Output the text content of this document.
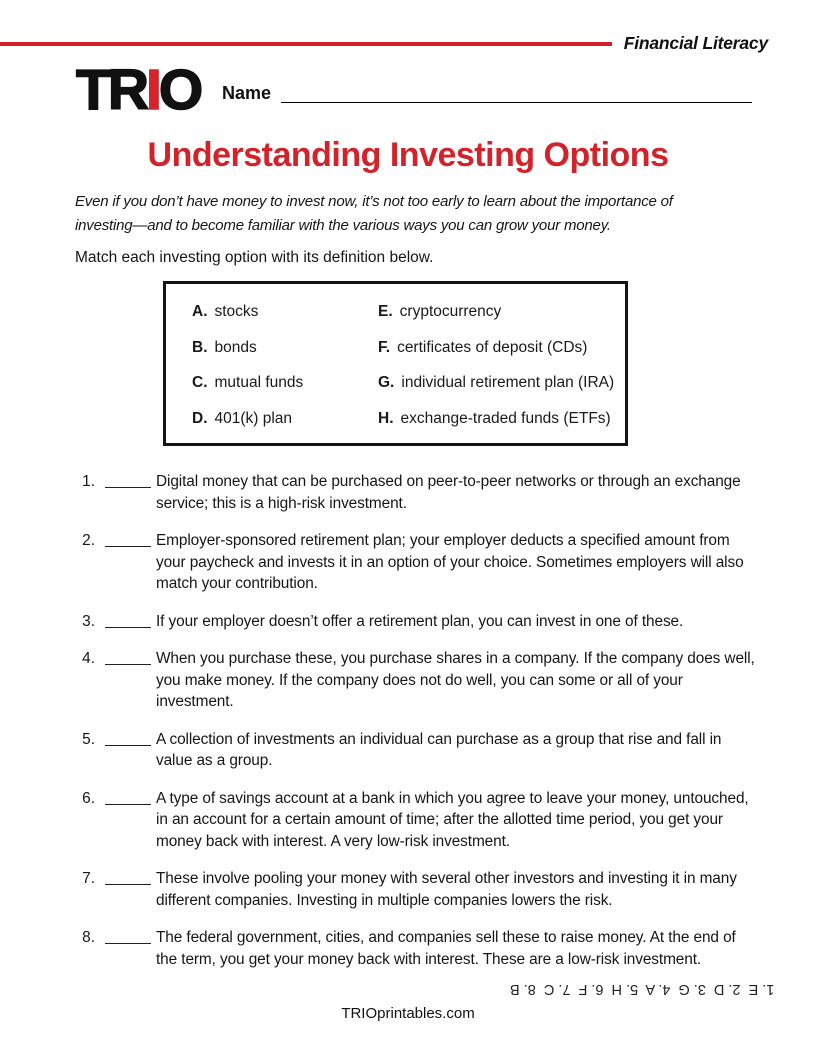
Financial Literacy
TRIO Name
Understanding Investing Options
Even if you don’t have money to invest now, it’s not too early to learn about the importance of investing—and to become familiar with the various ways you can grow your money.
Match each investing option with its definition below.
A. stocks
B. bonds
C. mutual funds
D. 401(k) plan
E. cryptocurrency
F. certificates of deposit (CDs)
G. individual retirement plan (IRA)
H. exchange-traded funds (ETFs)
1.	Digital money that can be purchased on peer-to-peer networks or through an exchange service; this is a high-risk investment.
2.	Employer-sponsored retirement plan; your employer deducts a specified amount from your paycheck and invests it in an option of your choice. Sometimes employers will also match your contribution.
3.	If your employer doesn’t offer a retirement plan, you can invest in one of these.
4.	When you purchase these, you purchase shares in a company. If the company does well, you make money. If the company does not do well, you can some or all of your investment.
5.	A collection of investments an individual can purchase as a group that rise and fall in value as a group.
6.	A type of savings account at a bank in which you agree to leave your money, untouched, in an account for a certain amount of time; after the allotted time period, you get your money back with interest. A very low-risk investment.
7.	These involve pooling your money with several other investors and investing it in many different companies. Investing in multiple companies lowers the risk.
8.	The federal government, cities, and companies sell these to raise money. At the end of the term, you get your money back with interest. These are a low-risk investment.
1. E  2. D  3. G  4. A  5. H  6. F  7. C  8. B
TRIOprintables.com
